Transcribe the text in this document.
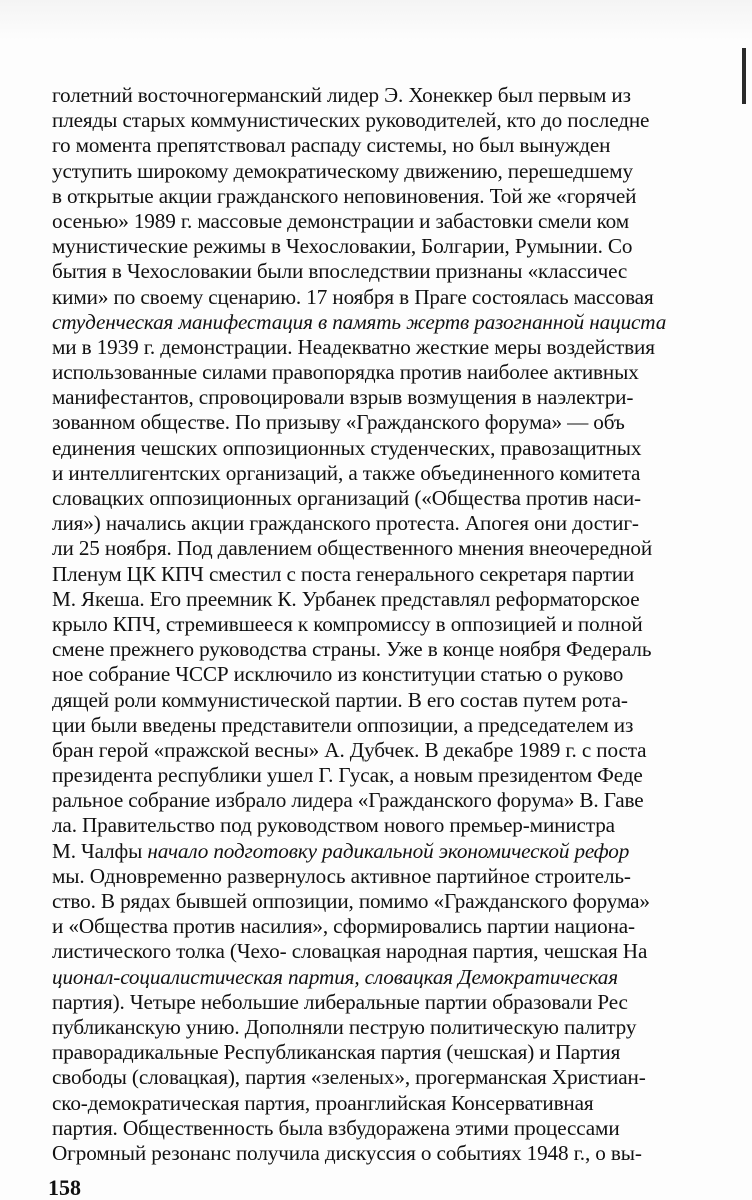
голетний восточногерманский лидер Э. Хонеккер был первым из
плеяды старых коммунистических руководителей, кто до последне
го момента препятствовал распаду системы, но был вынужден
уступить широкому демократическому движению, перешедшему
в открытые акции гражданского неповиновения. Той же «горячей
осенью» 1989 г. массовые демонстрации и забастовки смели ком
мунистические режимы в Чехословакии, Болгарии, Румынии. Со
бытия в Чехословакии были впоследствии признаны «классичес
кими» по своему сценарию. 17 ноября в Праге состоялась массовая
студенческая манифестация в память жертв разогнанной нациста
ми в 1939 г. демонстрации. Неадекватно жесткие меры воздействия
использованные силами правопорядка против наиболее активных
манифестантов, спровоцировали взрыв возмущения в наэлектри-
зованном обществе. По призыву «Гражданского форума» — объ
единения чешских оппозиционных студенческих, правозащитных
и интеллигентских организаций, а также объединенного комитета
словацких оппозиционных организаций («Общества против наси-
лия») начались акции гражданского протеста. Апогея они достиг-
ли 25 ноября. Под давлением общественного мнения внеочередной
Пленум ЦК КПЧ сместил с поста генерального секретаря партии
М. Якеша. Его преемник К. Урбанек представлял реформаторское
крыло КПЧ, стремившееся к компромиссу в оппозицией и полной
смене прежнего руководства страны. Уже в конце ноября Федераль
ное собрание ЧССР исключило из конституции статью о руково
дящей роли коммунистической партии. В его состав путем рота-
ции были введены представители оппозиции, а председателем из
бран герой «пражской весны» А. Дубчек. В декабре 1989 г. с поста
президента республики ушел Г. Гусак, а новым президентом Феде
ральное собрание избрало лидера «Гражданского форума» В. Гаве
ла. Правительство под руководством нового премьер-министра
М. Чалфы начало подготовку радикальной экономической рефор
мы. Одновременно развернулось активное партийное строитель-
ство. В рядах бывшей оппозиции, помимо «Гражданского форума»
и «Общества против насилия», сформировались партии национа-
листического толка (Чехо- словацкая народная партия, чешская На
ционал-социалистическая партия, словацкая Демократическая
партия). Четыре небольшие либеральные партии образовали Рес
публиканскую унию. Дополняли пеструю политическую палитру
праворадикальные Республиканская партия (чешская) и Партия
свободы (словацкая), партия «зеленых», прогерманская Христиан-
ско-демократическая партия, проанглийская Консервативная
партия. Общественность была взбудоражена этими процессами
Огромный резонанс получила дискуссия о событиях 1948 г., о вы-
158
